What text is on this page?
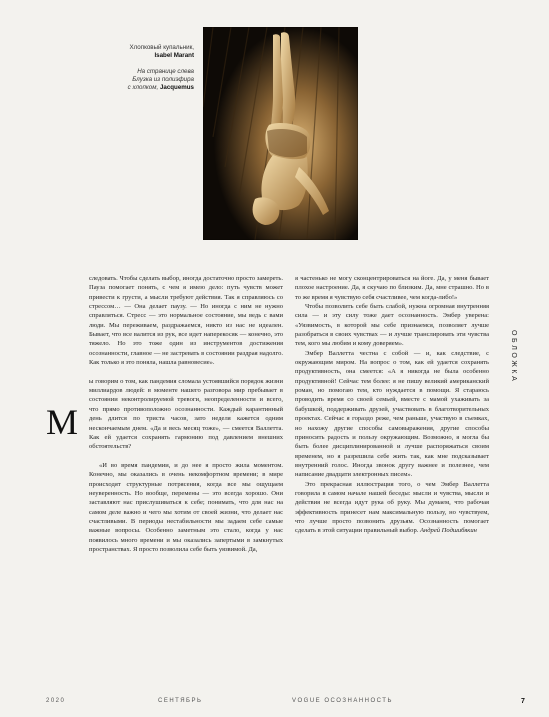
Хлопковый купальник,
Isabel Marant
На странице слева
Блузка из полиэфира
с хлопком, Jacquemus
М

следовать. Чтобы сделать выбор, иногда достаточно просто замереть. Пауза помогает понять, с чем я имею дело: путь чувств может привести к грусти, а мысли требуют действия. Так я справляюсь со стрессом… — Она делает паузу. — Но иногда с ним не нужно справляться. Стресс — это нормальное состояние, мы ведь с вами люди. Мы переживаем, раздражаемся, никто из нас не идеален. Бывает, что все валится из рук, все идет наперекосяк — конечно, это тяжело. Но это тоже один из инструментов достижения осознанности, главное — не застревать в состоянии раздрая надолго. Как только я это поняла, нашла равновесие».

ы говорим о том, как пандемия сломала устоявшийся порядок жизни миллиардов людей: в моменте нашего разговора мир пребывает в состоянии неконтролируемой тревоги, неопределенности и всего, что прямо противоположно осознанности. Каждый карантинный день длится по триста часов, зато неделя кажется одним нескончаемым днем. «Да и весь месяц тоже», — смеется Валлетта. Как ей удается сохранять гармонию под давлением внешних обстоятельств?

«И во время пандемии, и до нее я просто жила моментом. Конечно, мы оказались в очень некомфортном времени; в мире происходят структурные потрясения, когда все мы ощущаем неуверенность. Но вообще, перемены — это всегда хорошо. Они заставляют нас прислушиваться к себе; понимать, что для нас на самом деле важно и чего мы хотим от своей жизни, что делает нас счастливыми. В периоды нестабильности мы задаем себе самые важные вопросы. Особенно заметным это стало, когда у нас появилось много времени и мы оказались запертыми в замкнутых пространствах. Я просто позволила себе быть уязвимой. Да,

я частенько не могу сконцентрироваться на йоге. Да, у меня бывает плохое настроение. Да, я скучаю по близким. Да, мне страшно. Но в то же время я чувствую себя счастливее, чем когда-либо!»

Чтобы позволить себе быть слабой, нужна огромная внутренняя сила — и эту силу тоже дает осознанность. Эмбер уверена: «Уязвимость, в которой мы себе признаемся, позволяет лучше разобраться в своих чувствах — и лучше транслировать эти чувства тем, кого мы любим и кому доверяем».

Эмбер Валлетта честна с собой — и, как следствие, с окружающим миром. На вопрос о том, как ей удается сохранять продуктивность, она смеется: «А я никогда не была особенно продуктивной! Сейчас тем более: я не пишу великий американский роман, но помогаю тем, кто нуждается в помощи. Я стараюсь проводить время со своей семьей, вместе с мамой ухаживать за бабушкой, поддерживать друзей, участвовать в благотворительных проектах. Сейчас я гораздо реже, чем раньше, участвую в съемках, но нахожу другие способы самовыражения, другие способы приносить радость и пользу окружающим. Возможно, я могла бы быть более дисциплинированной и лучше распоряжаться своим временем, но я разрешила себе жить так, как мне подсказывает внутренний голос. Иногда звонок другу важнее и полезнее, чем написание двадцати электронных писем».

Это прекрасная иллюстрация того, о чем Эмбер Валлетта говорила в самом начале нашей беседы: мысли и чувства, мысли и действия не всегда идут рука об руку. Мы думаем, что рабочая эффективность принесет нам максимальную пользу, но чувствуем, что лучше просто позвонить друзьям. Осознанность помогает сделать в этой ситуации правильный выбор. Андрей Подшибякин

ОБЛОЖКА
2020	СЕНТЯБРЬ	VOGUE ОСОЗНАННОСТЬ	7
